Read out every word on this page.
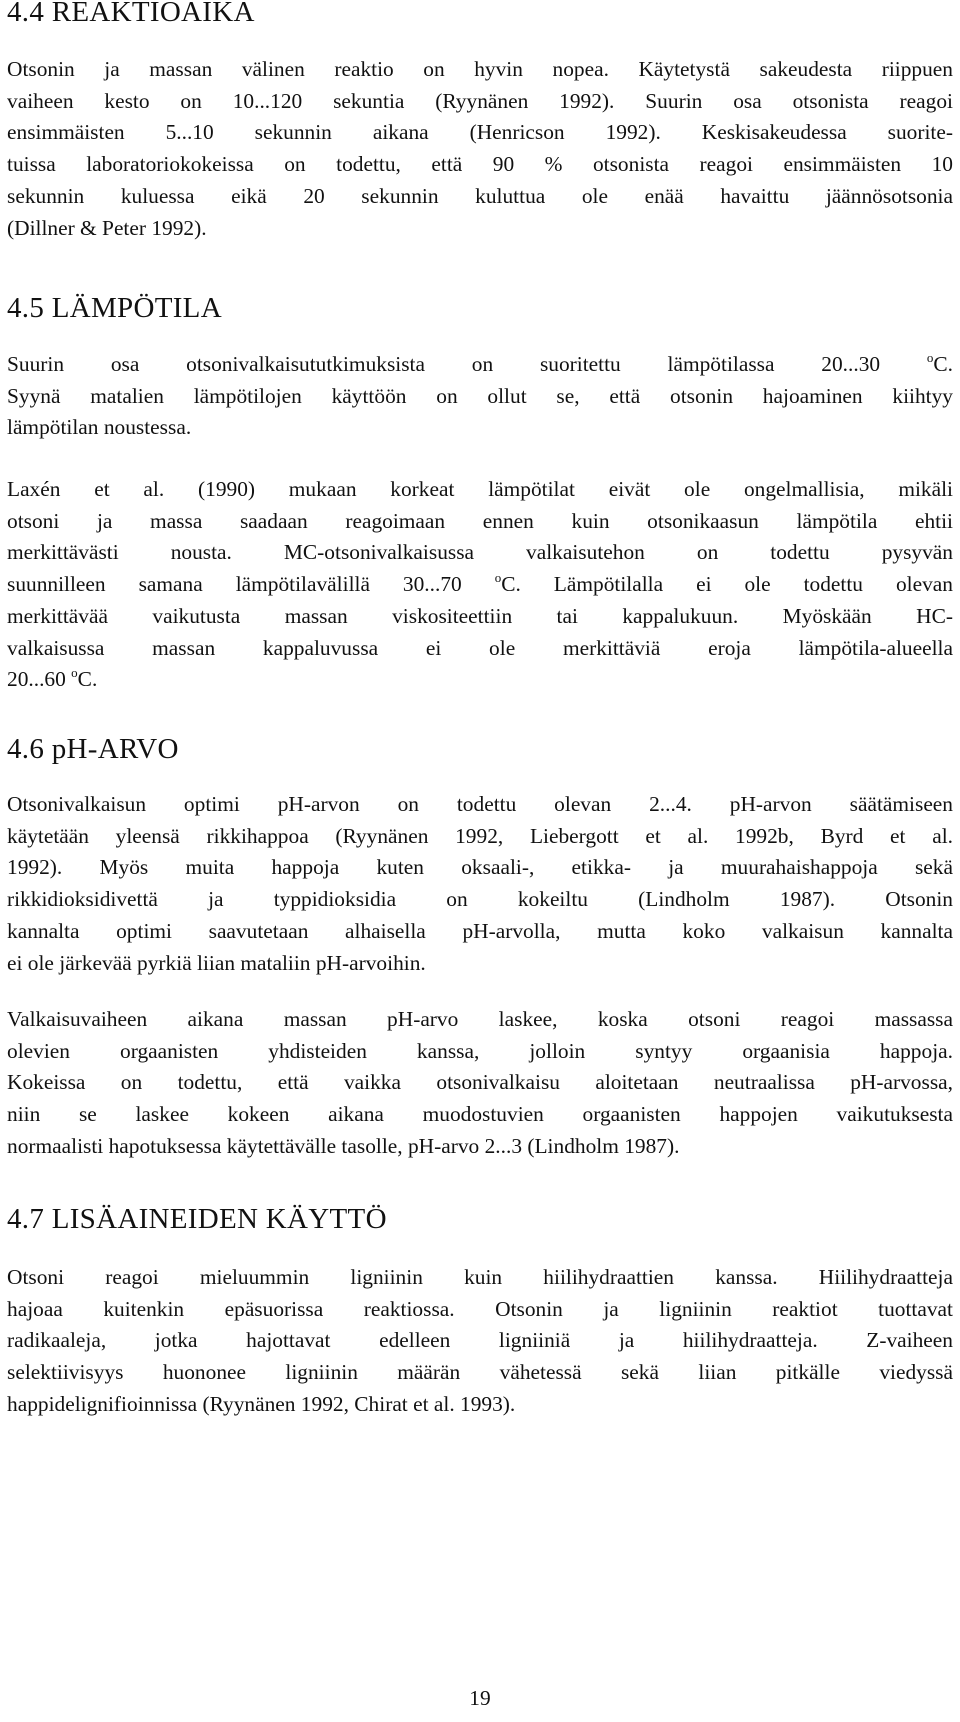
4.4 REAKTIOAIKA
Otsonin ja massan välinen reaktio on hyvin nopea. Käytetystä sakeudesta riippuen
vaiheen kesto on 10...120 sekuntia (Ryynänen 1992). Suurin osa otsonista reagoi
ensimmäisten 5...10 sekunnin aikana (Henricson 1992). Keskisakeudessa suorite-
tuissa laboratoriokokeissa on todettu, että 90 % otsonista reagoi ensimmäisten 10
sekunnin kuluessa eikä 20 sekunnin kuluttua ole enää havaittu jäännösotsonia
(Dillner & Peter 1992).
4.5 LÄMPÖTILA
Suurin osa otsonivalkaisututkimuksista on suoritettu lämpötilassa 20...30 $^o$C.
Syynä matalien lämpötilojen käyttöön on ollut se, että otsonin hajoaminen kiihtyy
lämpötilan noustessa.
Laxén et al. (1990) mukaan korkeat lämpötilat eivät ole ongelmallisia, mikäli
otsoni ja massa saadaan reagoimaan ennen kuin otsonikaasun lämpötila ehtii
merkittävästi nousta. MC-otsonivalkaisussa valkaisutehon on todettu pysyvän
suunnilleen samana lämpötilavälillä 30...70 $^o$C. Lämpötilalla ei ole todettu olevan
merkittävää vaikutusta massan viskositeettiin tai kappalukuun. Myöskään HC-
valkaisussa massan kappaluvussa ei ole merkittäviä eroja lämpötila-alueella
20...60 $^o$C.
4.6 pH-ARVO
Otsonivalkaisun optimi pH-arvon on todettu olevan 2...4. pH-arvon säätämiseen
käytetään yleensä rikkihappoa (Ryynänen 1992, Liebergott et al. 1992b, Byrd et al.
1992). Myös muita happoja kuten oksaali-, etikka- ja muurahaishappoja sekä
rikkidioksidivettä ja typpidioksidia on kokeiltu (Lindholm 1987). Otsonin
kannalta optimi saavutetaan alhaisella pH-arvolla, mutta koko valkaisun kannalta
ei ole järkevää pyrkiä liian mataliin pH-arvoihin.
Valkaisuvaiheen aikana massan pH-arvo laskee, koska otsoni reagoi massassa
olevien orgaanisten yhdisteiden kanssa, jolloin syntyy orgaanisia happoja.
Kokeissa on todettu, että vaikka otsonivalkaisu aloitetaan neutraalissa pH-arvossa,
niin se laskee kokeen aikana muodostuvien orgaanisten happojen vaikutuksesta
normaalisti hapotuksessa käytettävälle tasolle, pH-arvo 2...3 (Lindholm 1987).
4.7 LISÄAINEIDEN KÄYTTÖ
Otsoni reagoi mieluummin ligniinin kuin hiilihydraattien kanssa. Hiilihydraatteja
hajoaa kuitenkin epäsuorissa reaktiossa. Otsonin ja ligniinin reaktiot tuottavat
radikaaleja, jotka hajottavat edelleen ligniiniä ja hiilihydraatteja. Z-vaiheen
selektiivisyys huononee ligniinin määrän vähetessä sekä liian pitkälle viedyssä
happidelignifioinnissa (Ryynänen 1992, Chirat et al. 1993).
19
